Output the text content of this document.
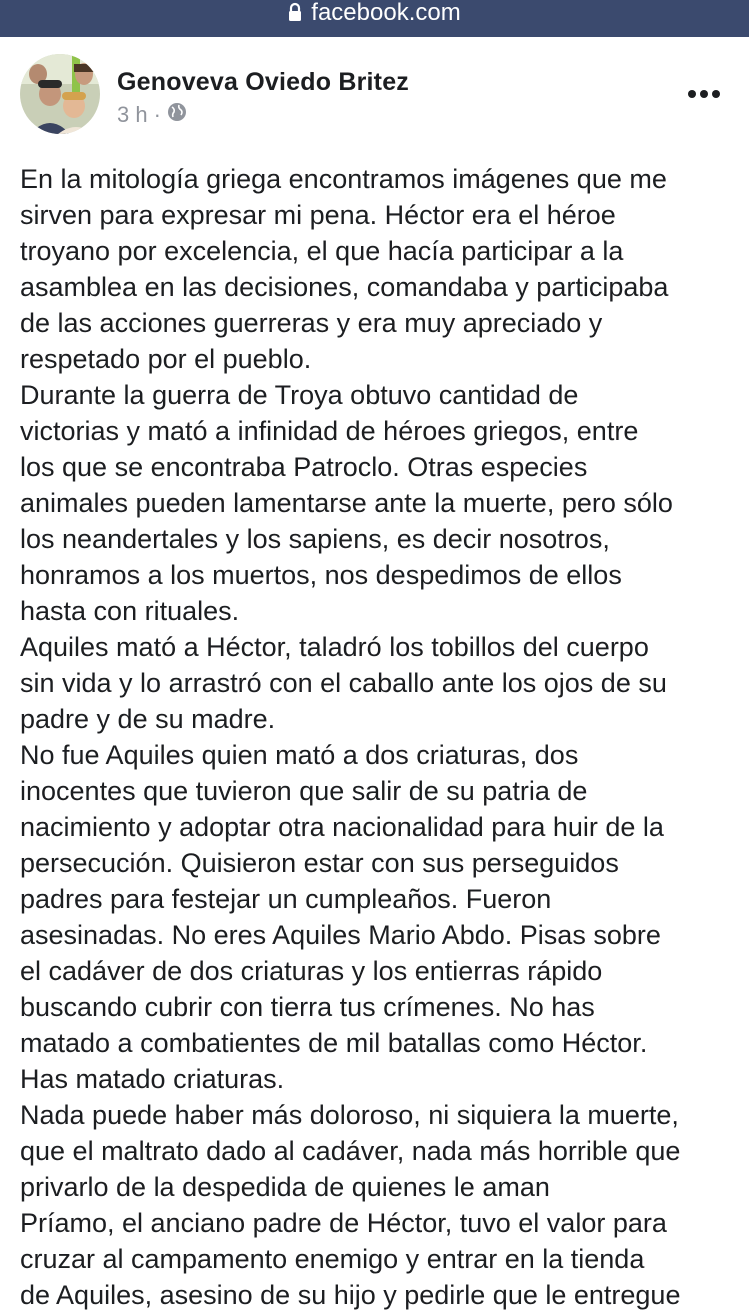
facebook.com
Genoveva Oviedo Britez
3 h ·
En la mitología griega encontramos imágenes que me
sirven para expresar mi pena. Héctor era el héroe
troyano por excelencia, el que hacía participar a la
asamblea en las decisiones, comandaba y participaba
de las acciones guerreras y era muy apreciado y
respetado por el pueblo.
Durante la guerra de Troya obtuvo cantidad de
victorias y mató a infinidad de héroes griegos, entre
los que se encontraba Patroclo. Otras especies
animales pueden lamentarse ante la muerte, pero sólo
los neandertales y los sapiens, es decir nosotros,
honramos a los muertos, nos despedimos de ellos
hasta con rituales.
Aquiles mató a Héctor, taladró los tobillos del cuerpo
sin vida y lo arrastró con el caballo ante los ojos de su
padre y de su madre.
No fue Aquiles quien mató a dos criaturas, dos
inocentes que tuvieron que salir de su patria de
nacimiento y adoptar otra nacionalidad para huir de la
persecución. Quisieron estar con sus perseguidos
padres para festejar un cumpleaños. Fueron
asesinadas. No eres Aquiles Mario Abdo. Pisas sobre
el cadáver de dos criaturas y los entierras rápido
buscando cubrir con tierra tus crímenes. No has
matado a combatientes de mil batallas como Héctor.
Has matado criaturas.
Nada puede haber más doloroso, ni siquiera la muerte,
que el maltrato dado al cadáver, nada más horrible que
privarlo de la despedida de quienes le aman
Príamo, el anciano padre de Héctor, tuvo el valor para
cruzar al campamento enemigo y entrar en la tienda
de Aquiles, asesino de su hijo y pedirle que le entregue
